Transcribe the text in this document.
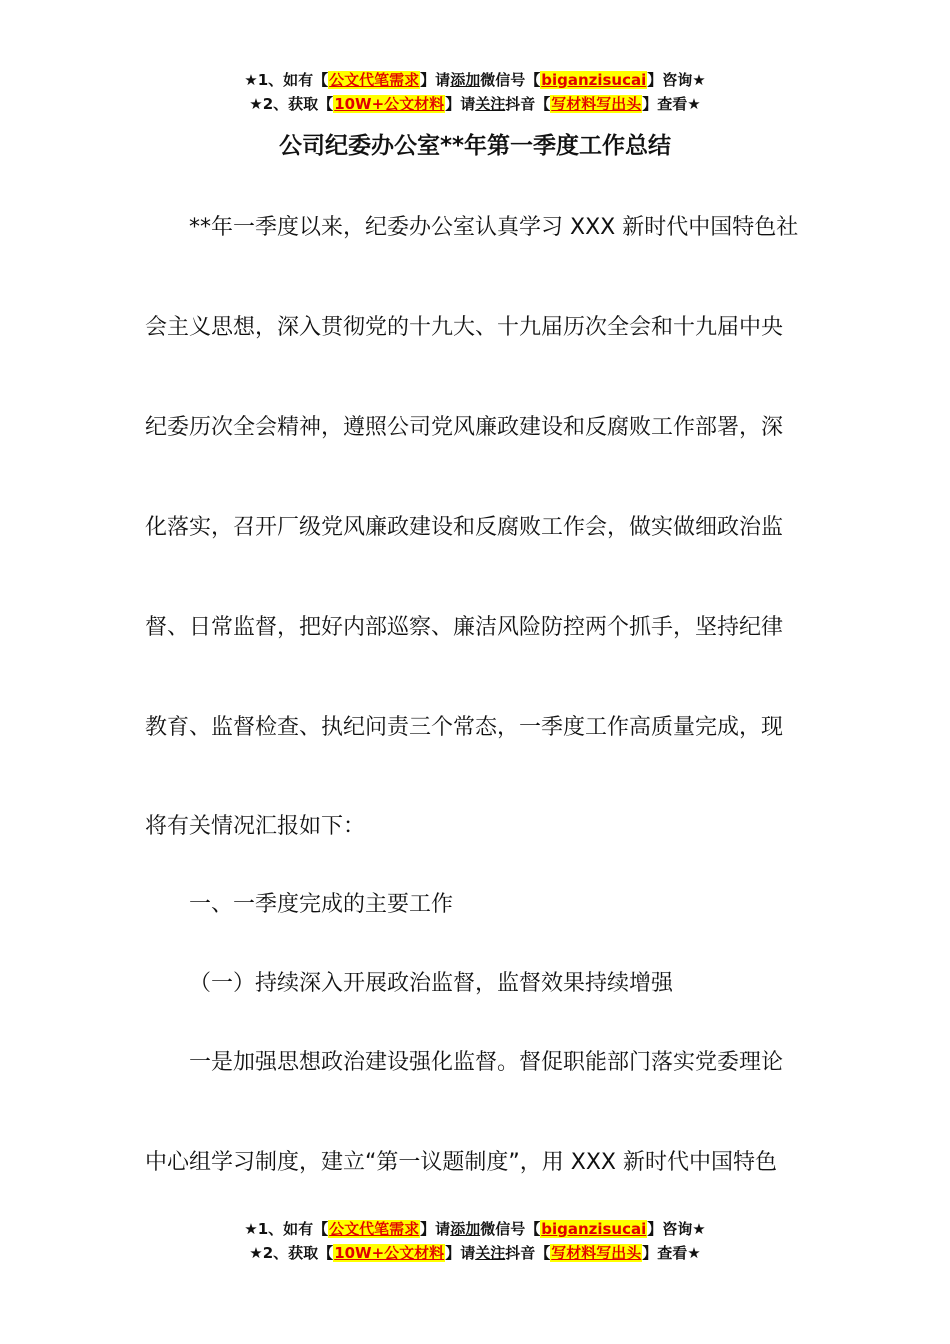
★1、如有【公文代笔需求】请添加微信号【biganzisucai】咨询★
★2、获取【10W+公文材料】请关注抖音【写材料写出头】查看★
公司纪委办公室**年第一季度工作总结

**年一季度以来，纪委办公室认真学习 XXX 新时代中国特色社

会主义思想，深入贯彻党的十九大、十九届历次全会和十九届中央

纪委历次全会精神，遵照公司党风廉政建设和反腐败工作部署，深

化落实，召开厂级党风廉政建设和反腐败工作会，做实做细政治监

督、日常监督，把好内部巡察、廉洁风险防控两个抓手，坚持纪律

教育、监督检查、执纪问责三个常态，一季度工作高质量完成，现

将有关情况汇报如下：

一、一季度完成的主要工作

（一）持续深入开展政治监督，监督效果持续增强

一是加强思想政治建设强化监督。督促职能部门落实党委理论

中心组学习制度，建立“第一议题制度”，用 XXX 新时代中国特色

★1、如有【公文代笔需求】请添加微信号【biganzisucai】咨询★
★2、获取【10W+公文材料】请关注抖音【写材料写出头】查看★
